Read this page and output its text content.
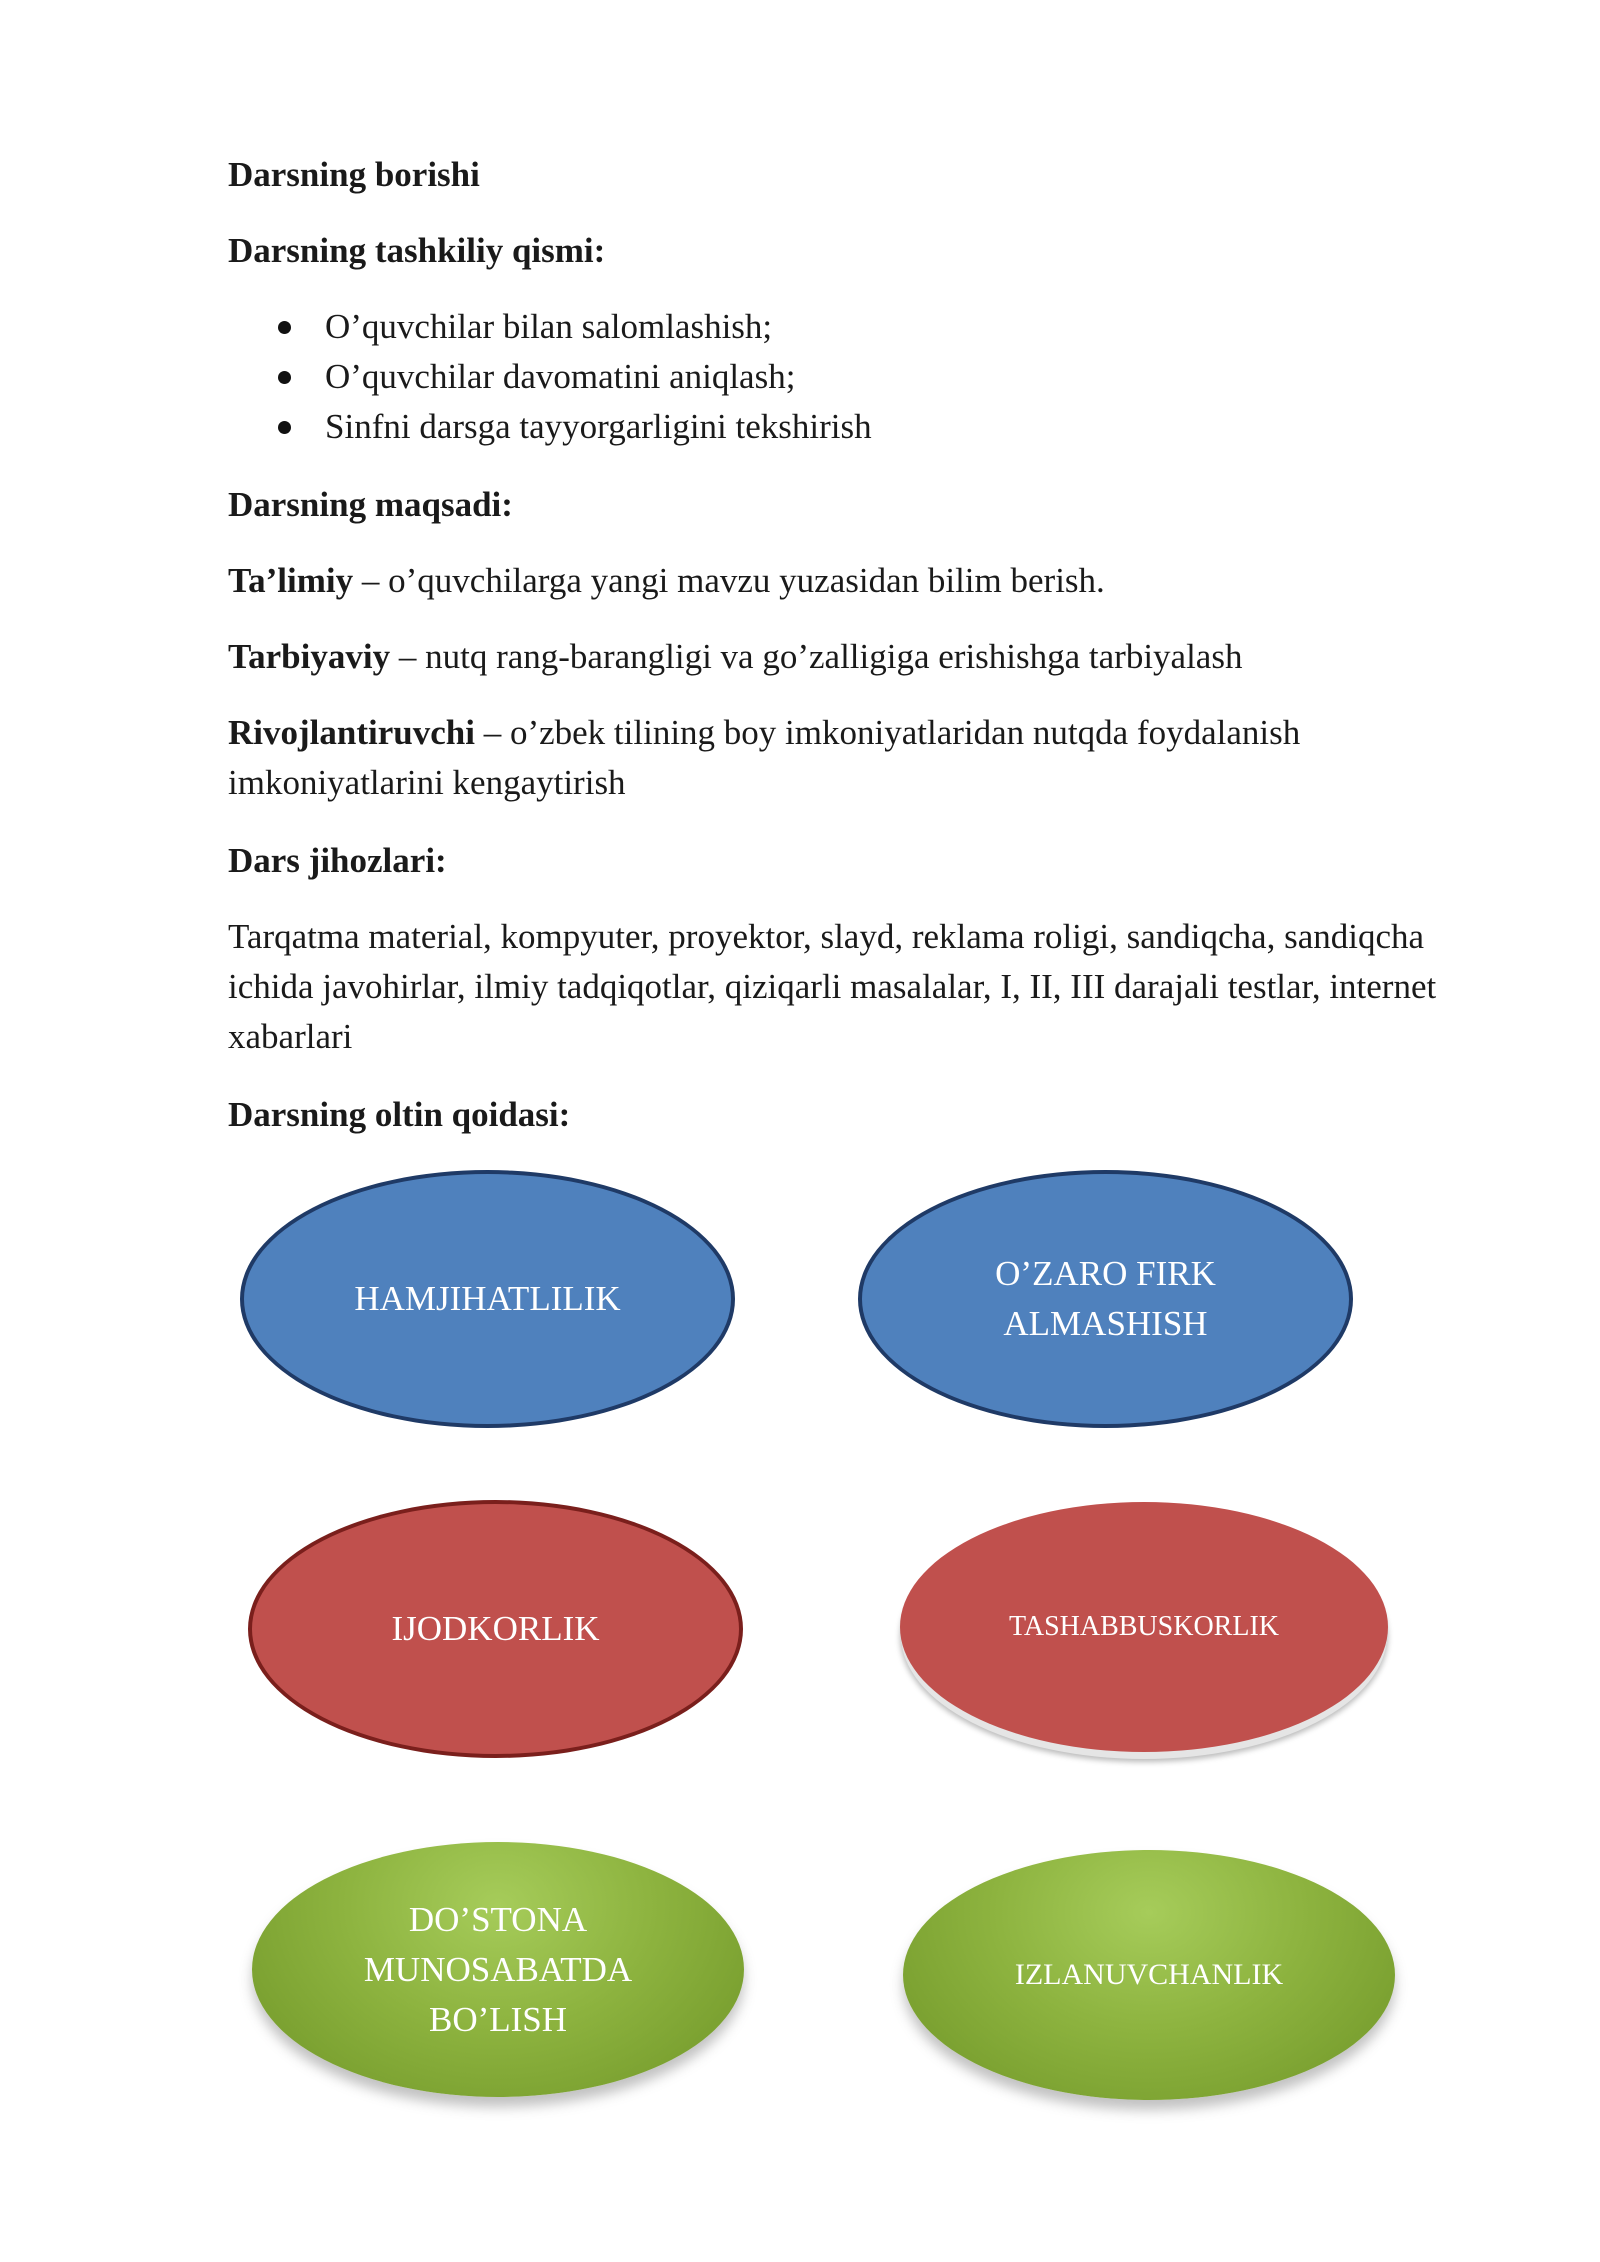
Darsning borishi
Darsning tashkiliy qismi:
O’quvchilar bilan salomlashish;
O’quvchilar davomatini aniqlash;
Sinfni darsga tayyorgarligini tekshirish
Darsning maqsadi:
Ta’limiy – o’quvchilarga yangi mavzu yuzasidan bilim berish.
Tarbiyaviy – nutq rang-barangligi va go’zalligiga erishishga tarbiyalash
Rivojlantiruvchi – o’zbek tilining boy imkoniyatlaridan nutqda foydalanish imkoniyatlarini kengaytirish
Dars jihozlari:
Tarqatma material, kompyuter, proyektor, slayd, reklama roligi, sandiqcha, sandiqcha ichida javohirlar, ilmiy tadqiqotlar, qiziqarli masalalar, I, II, III darajali testlar, internet xabarlari
Darsning oltin qoidasi:
HAMJIHATLILIK
O’ZARO FIRK
ALMASHISH
IJODKORLIK	TASHABBUSKORLIK
DO’STONA
MUNOSABATDA
BO’LISH
IZLANUVCHANLIK
